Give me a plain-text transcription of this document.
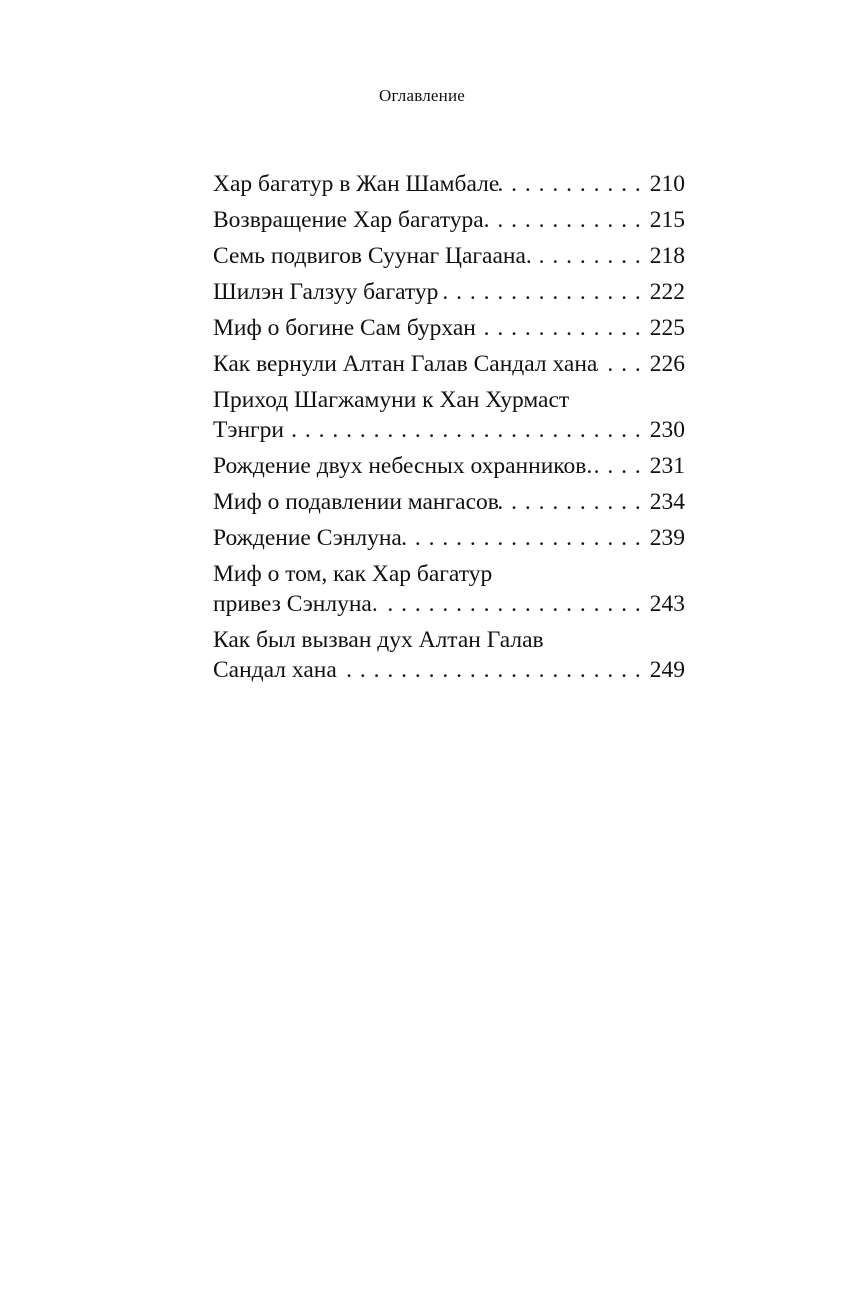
Оглавление
Хар багатур в Жан Шамбале . . .	210
Возвращение Хар багатура . . .	215
Семь подвигов Суунаг Цагаана. . . .	218
Шилэн Галзуу багатур . . .	222
Миф о богине Сам бурхан . . .	225
Как вернули Алтан Галав Сандал хана . . .	226
Приход Шагжамуни к Хан Хурмаст
Тэнгри . . .	230
Рождение двух небесных охранников. . . .	231
Миф о подавлении мангасов . . .	234
Рождение Сэнлуна . . .	239
Миф о том, как Хар багатур
привез Сэнлуна. . . .	243
Как был вызван дух Алтан Галав
Сандал хана . . .	249
